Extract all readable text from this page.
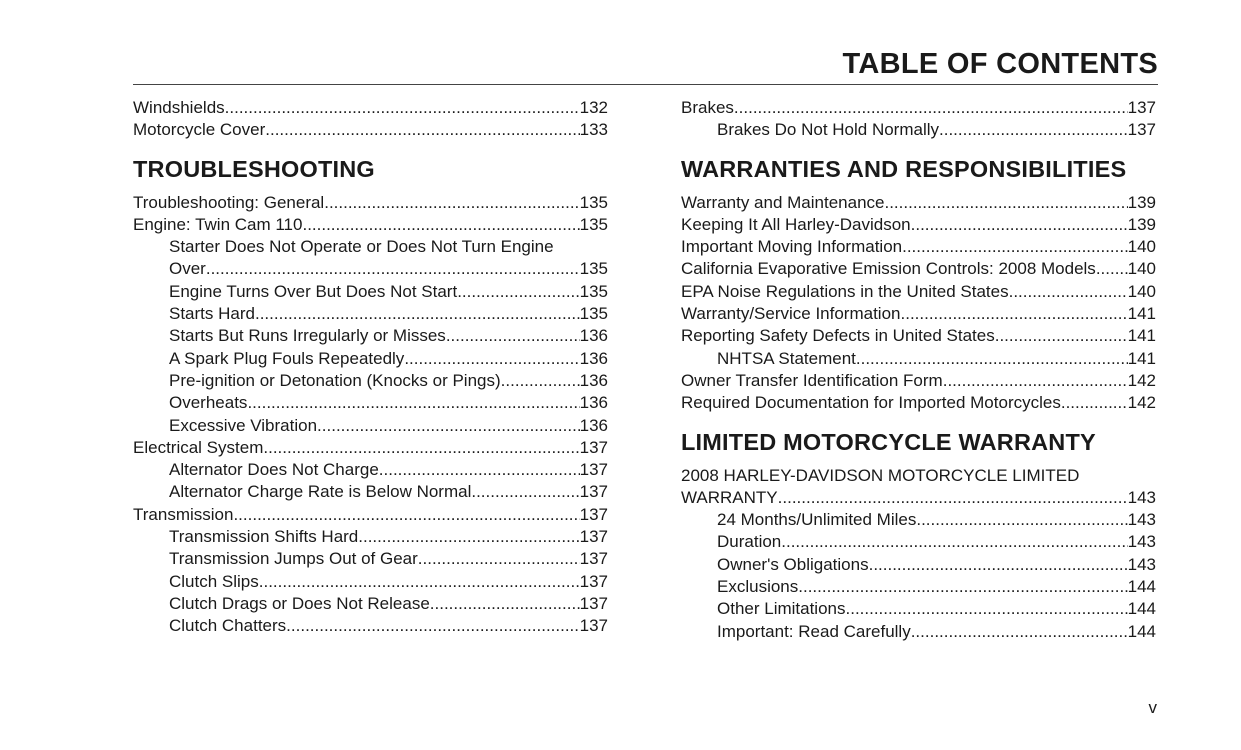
TABLE OF CONTENTS
Windshields .....	132
Motorcycle Cover .....	133
TROUBLESHOOTING
Troubleshooting: General .....	135
Engine: Twin Cam 110 .....	135
Starter Does Not Operate or Does Not Turn Engine
Over .....	135
Engine Turns Over But Does Not Start .....	135
Starts Hard .....	135
Starts But Runs Irregularly or Misses .....	136
A Spark Plug Fouls Repeatedly .....	136
Pre-ignition or Detonation (Knocks or Pings) .....	136
Overheats .....	136
Excessive Vibration .....	136
Electrical System .....	137
Alternator Does Not Charge .....	137
Alternator Charge Rate is Below Normal .....	137
Transmission .....	137
Transmission Shifts Hard .....	137
Transmission Jumps Out of Gear .....	137
Clutch Slips .....	137
Clutch Drags or Does Not Release .....	137
Clutch Chatters .....	137
Brakes .....	137
Brakes Do Not Hold Normally .....	137
WARRANTIES AND RESPONSIBILITIES
Warranty and Maintenance .....	139
Keeping It All Harley-Davidson .....	139
Important Moving Information .....	140
California Evaporative Emission Controls: 2008 Models ..... 140
EPA Noise Regulations in the United States .....	140
Warranty/Service Information .....	141
Reporting Safety Defects in United States .....	141
NHTSA Statement .....	141
Owner Transfer Identification Form .....	142
Required Documentation for Imported Motorcycles .....	142
LIMITED MOTORCYCLE WARRANTY
2008 HARLEY-DAVIDSON MOTORCYCLE LIMITED
WARRANTY .....	143
24 Months/Unlimited Miles .....	143
Duration .....	143
Owner's Obligations .....	143
Exclusions .....	144
Other Limitations .....	144
Important: Read Carefully .....	144
v
